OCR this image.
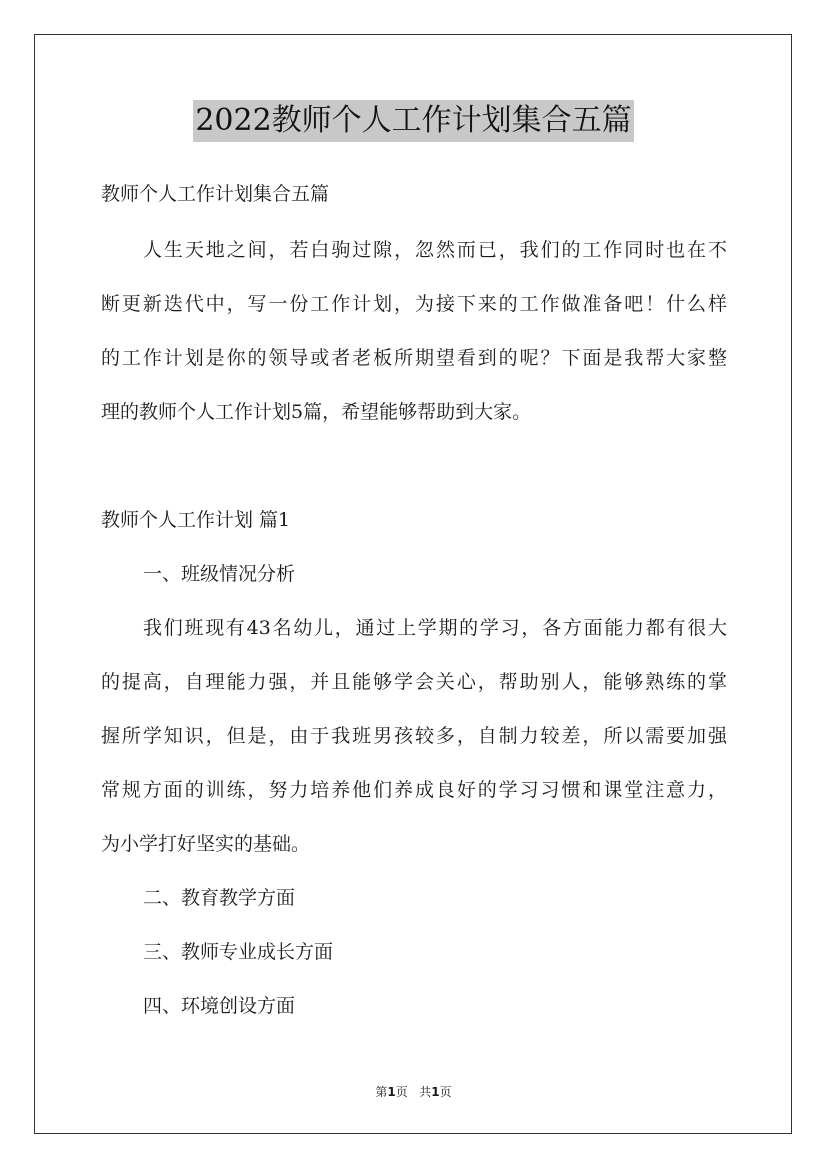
2022教师个人工作计划集合五篇
教师个人工作计划集合五篇
人生天地之间，若白驹过隙，忽然而已，我们的工作同时也在不
断更新迭代中，写一份工作计划，为接下来的工作做准备吧！什么样
的工作计划是你的领导或者老板所期望看到的呢？下面是我帮大家整
理的教师个人工作计划5篇，希望能够帮助到大家。
教师个人工作计划 篇1
一、班级情况分析
我们班现有43名幼儿，通过上学期的学习，各方面能力都有很大
的提高，自理能力强，并且能够学会关心，帮助别人，能够熟练的掌
握所学知识，但是，由于我班男孩较多，自制力较差，所以需要加强
常规方面的训练，努力培养他们养成良好的学习习惯和课堂注意力，
为小学打好坚实的基础。
二、教育教学方面
三、教师专业成长方面
四、环境创设方面
第1页 共1页
